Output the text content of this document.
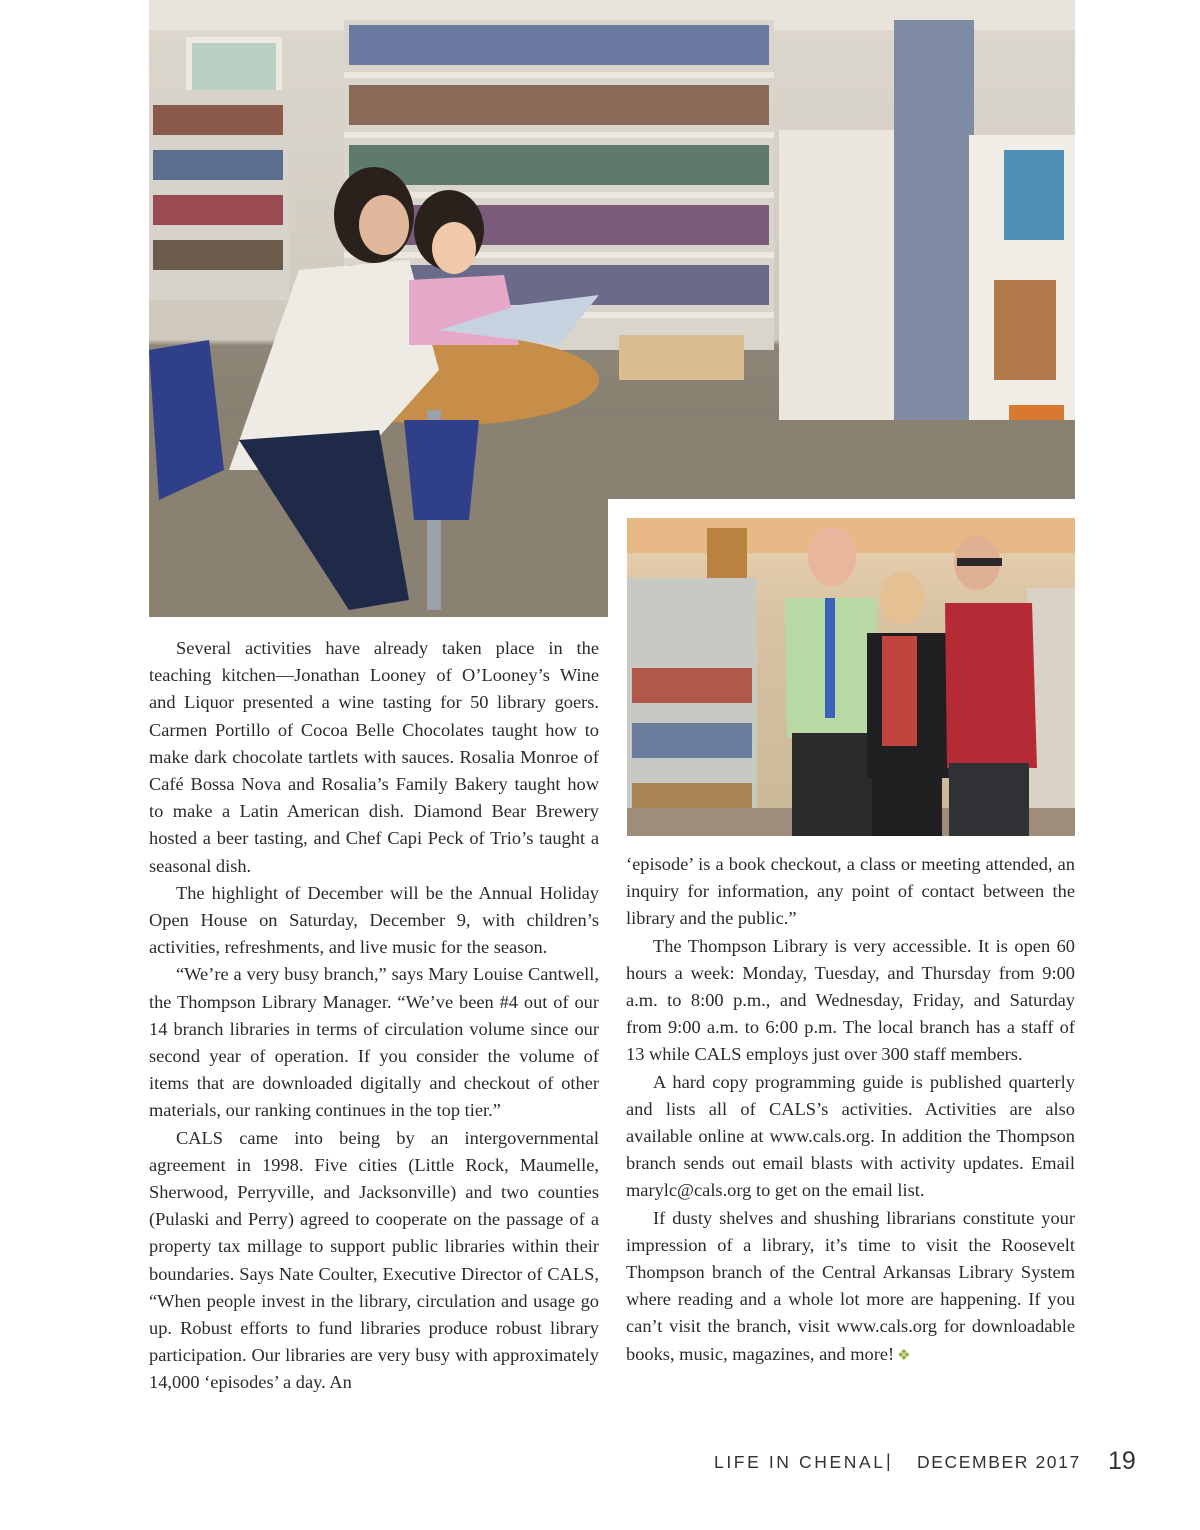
Several activities have already taken place in the teaching kitchen—Jonathan Looney of O’Looney’s Wine and Liquor presented a wine tasting for 50 library goers. Carmen Portillo of Cocoa Belle Chocolates taught how to make dark chocolate tartlets with sauces. Rosalia Monroe of Café Bossa Nova and Rosalia’s Family Bakery taught how to make a Latin American dish. Diamond Bear Brewery hosted a beer tasting, and Chef Capi Peck of Trio’s taught a seasonal dish.

The highlight of December will be the Annual Holiday Open House on Saturday, December 9, with children’s activities, refreshments, and live music for the season.

“We’re a very busy branch,” says Mary Louise Cantwell, the Thompson Library Manager. “We’ve been #4 out of our 14 branch libraries in terms of circulation volume since our second year of operation. If you consider the volume of items that are downloaded digitally and checkout of other materials, our ranking continues in the top tier.”

CALS came into being by an intergovernmental agreement in 1998. Five cities (Little Rock, Maumelle, Sherwood, Perryville, and Jacksonville) and two counties (Pulaski and Perry) agreed to cooperate on the passage of a property tax millage to support public libraries within their boundaries. Says Nate Coulter, Executive Director of CALS, “When people invest in the library, circulation and usage go up. Robust efforts to fund libraries produce robust library participation. Our libraries are very busy with approximately 14,000 ‘episodes’ a day. An

‘episode’ is a book checkout, a class or meeting attended, an inquiry for information, any point of contact between the library and the public.”

The Thompson Library is very accessible. It is open 60 hours a week: Monday, Tuesday, and Thursday from 9:00 a.m. to 8:00 p.m., and Wednesday, Friday, and Saturday from 9:00 a.m. to 6:00 p.m. The local branch has a staff of 13 while CALS employs just over 300 staff members.

A hard copy programming guide is published quarterly and lists all of CALS’s activities. Activities are also available online at www.cals.org. In addition the Thompson branch sends out email blasts with activity updates. Email marylc@cals.org to get on the email list.

If dusty shelves and shushing librarians constitute your impression of a library, it’s time to visit the Roosevelt Thompson branch of the Central Arkansas Library System where reading and a whole lot more are happening. If you can’t visit the branch, visit www.cals.org for downloadable books, music, magazines, and more! ❖

LIFE IN CHENAL | DECEMBER 2017 19
